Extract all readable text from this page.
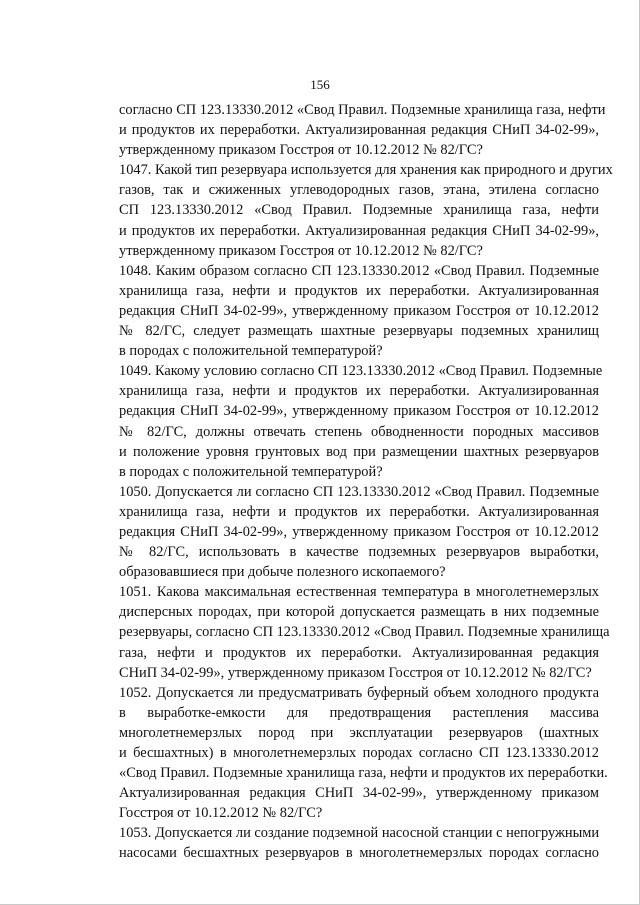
156
согласно СП 123.13330.2012 «Свод Правил. Подземные хранилища газа, нефти
и продуктов их переработки. Актуализированная редакция СНиП 34-02-99»,
утвержденному приказом Госстроя от 10.12.2012 № 82/ГС?
1047. Какой тип резервуара используется для хранения как природного и других
газов, так и сжиженных углеводородных газов, этана, этилена согласно
СП 123.13330.2012 «Свод Правил. Подземные хранилища газа, нефти
и продуктов их переработки. Актуализированная редакция СНиП 34-02-99»,
утвержденному приказом Госстроя от 10.12.2012 № 82/ГС?
1048. Каким образом согласно СП 123.13330.2012 «Свод Правил. Подземные
хранилища газа, нефти и продуктов их переработки. Актуализированная
редакция СНиП 34-02-99», утвержденному приказом Госстроя от 10.12.2012
№ 82/ГС, следует размещать шахтные резервуары подземных хранилищ
в породах с положительной температурой?
1049. Какому условию согласно СП 123.13330.2012 «Свод Правил. Подземные
хранилища газа, нефти и продуктов их переработки. Актуализированная
редакция СНиП 34-02-99», утвержденному приказом Госстроя от 10.12.2012
№ 82/ГС, должны отвечать степень обводненности породных массивов
и положение уровня грунтовых вод при размещении шахтных резервуаров
в породах с положительной температурой?
1050. Допускается ли согласно СП 123.13330.2012 «Свод Правил. Подземные
хранилища газа, нефти и продуктов их переработки. Актуализированная
редакция СНиП 34-02-99», утвержденному приказом Госстроя от 10.12.2012
№ 82/ГС, использовать в качестве подземных резервуаров выработки,
образовавшиеся при добыче полезного ископаемого?
1051. Какова максимальная естественная температура в многолетнемерзлых
дисперсных породах, при которой допускается размещать в них подземные
резервуары, согласно СП 123.13330.2012 «Свод Правил. Подземные хранилища
газа, нефти и продуктов их переработки. Актуализированная редакция
СНиП 34-02-99», утвержденному приказом Госстроя от 10.12.2012 № 82/ГС?
1052. Допускается ли предусматривать буферный объем холодного продукта
в выработке-емкости для предотвращения растепления массива
многолетнемерзлых пород при эксплуатации резервуаров (шахтных
и бесшахтных) в многолетнемерзлых породах согласно СП 123.13330.2012
«Свод Правил. Подземные хранилища газа, нефти и продуктов их переработки.
Актуализированная редакция СНиП 34-02-99», утвержденному приказом
Госстроя от 10.12.2012 № 82/ГС?
1053. Допускается ли создание подземной насосной станции с непогружными
насосами бесшахтных резервуаров в многолетнемерзлых породах согласно
